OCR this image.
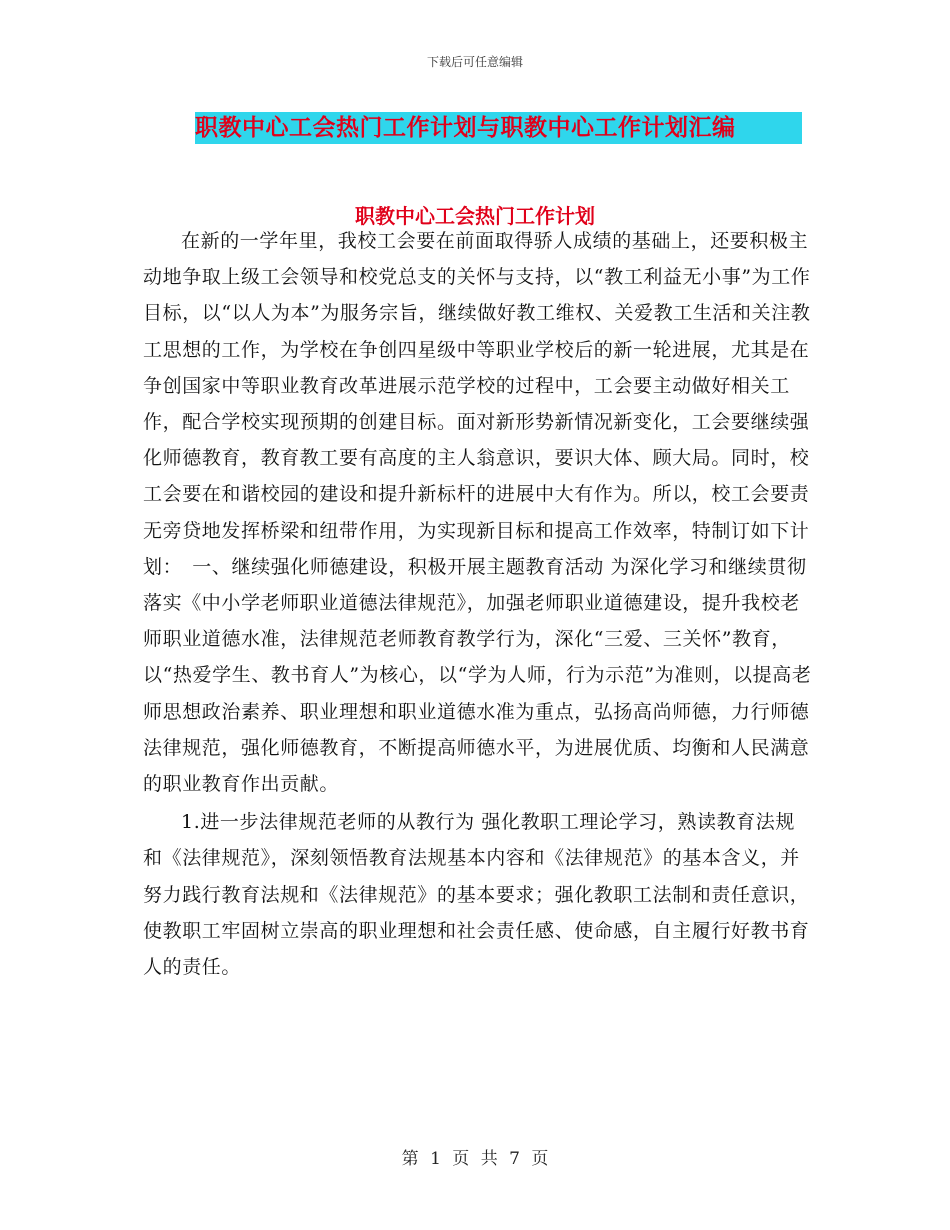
下载后可任意编辑
职教中心工会热门工作计划与职教中心工作计划汇编
职教中心工会热门工作计划

在新的一学年里，我校工会要在前面取得骄人成绩的基础上，还要积极主动地争取上级工会领导和校党总支的关怀与支持，以“教工利益无小事”为工作目标，以“以人为本”为服务宗旨，继续做好教工维权、关爱教工生活和关注教工思想的工作，为学校在争创四星级中等职业学校后的新一轮进展，尤其是在争创国家中等职业教育改革进展示范学校的过程中，工会要主动做好相关工作，配合学校实现预期的创建目标。面对新形势新情况新变化，工会要继续强化师德教育，教育教工要有高度的主人翁意识，要识大体、顾大局。同时，校工会要在和谐校园的建设和提升新标杆的进展中大有作为。所以，校工会要责无旁贷地发挥桥梁和纽带作用，为实现新目标和提高工作效率，特制订如下计划：　一、继续强化师德建设，积极开展主题教育活动 为深化学习和继续贯彻落实《中小学老师职业道德法律规范》，加强老师职业道德建设，提升我校老师职业道德水准，法律规范老师教育教学行为，深化“三爱、三关怀”教育，以“热爱学生、教书育人”为核心，以“学为人师，行为示范”为准则，以提高老师思想政治素养、职业理想和职业道德水准为重点，弘扬高尚师德，力行师德法律规范，强化师德教育，不断提高师德水平，为进展优质、均衡和人民满意的职业教育作出贡献。

1.进一步法律规范老师的从教行为 强化教职工理论学习，熟读教育法规和《法律规范》，深刻领悟教育法规基本内容和《法律规范》的基本含义，并努力践行教育法规和《法律规范》的基本要求；强化教职工法制和责任意识，使教职工牢固树立崇高的职业理想和社会责任感、使命感，自主履行好教书育人的责任。

第 1 页 共 7 页
